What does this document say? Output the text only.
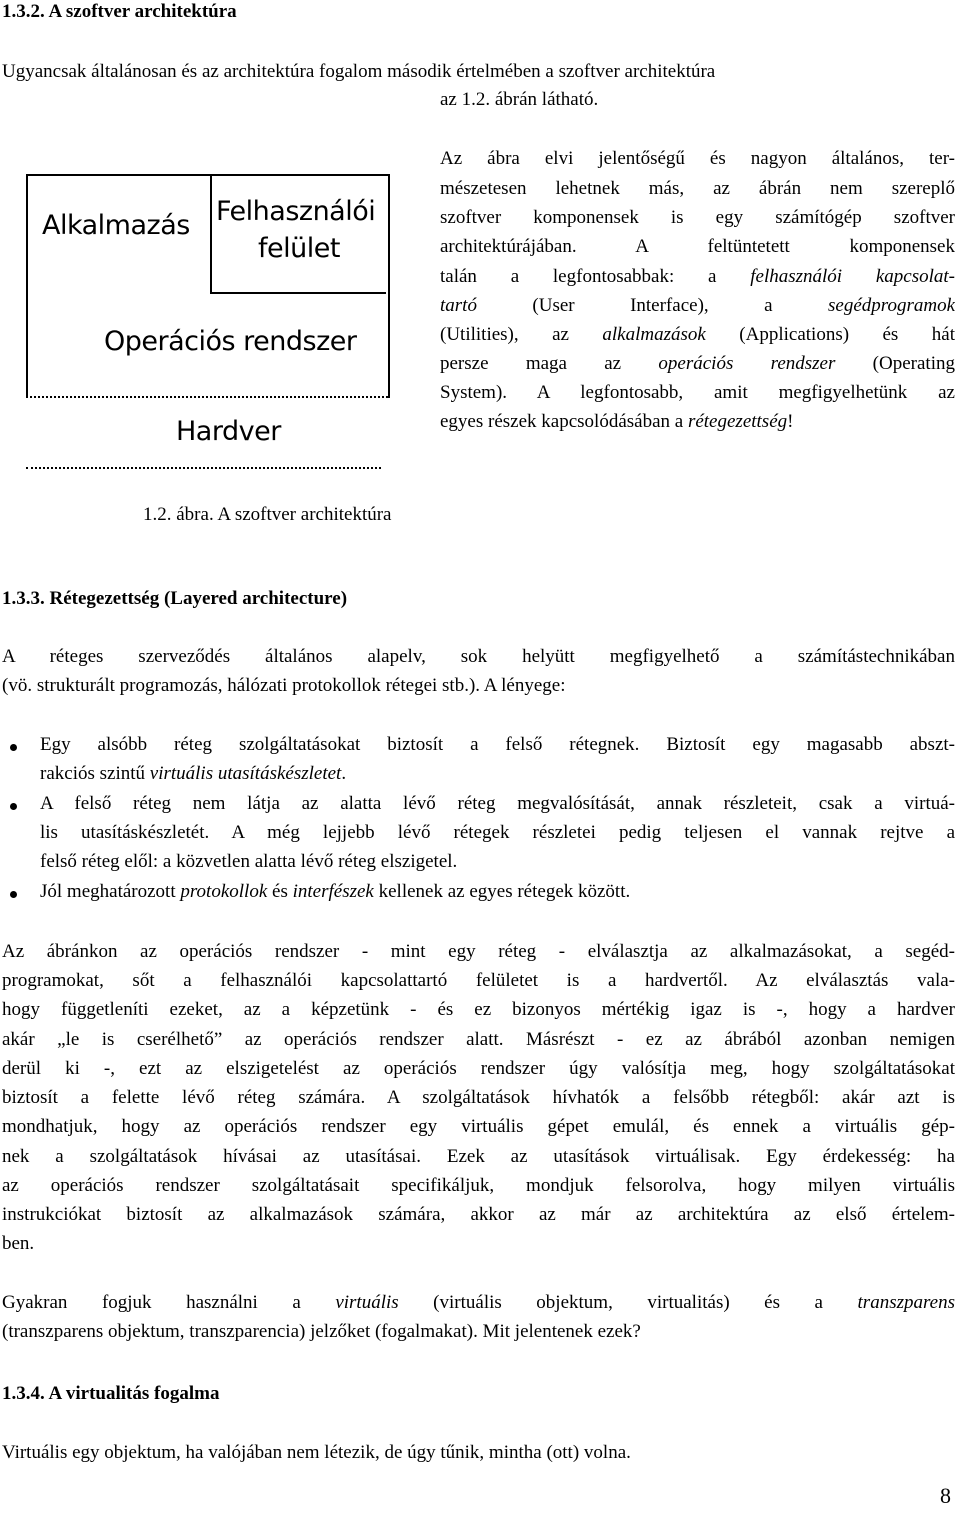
1.3.2. A szoftver architektúra
Ugyancsak általánosan és az architektúra fogalom második értelmében a szoftver architektúra
az 1.2. ábrán látható.
Alkalmazás Felhasználói
felület
Operációs rendszer
Hardver
Az ábra elvi jelentőségű és nagyon általános, ter-
mészetesen lehetnek más, az ábrán nem szereplő
szoftver komponensek is egy számítógép szoftver
architektúrájában. A feltüntetett komponensek
talán a legfontosabbak: a felhasználói kapcsolat-
tartó (User Interface), a segédprogramok
(Utilities), az alkalmazások (Applications) és hát
persze maga az operációs rendszer (Operating
System). A legfontosabb, amit megfigyelhetünk az
egyes részek kapcsolódásában a rétegezettség!
1.2. ábra. A szoftver architektúra
1.3.3. Rétegezettség (Layered architecture)
A réteges szerveződés általános alapelv, sok helyütt megfigyelhető a számítástechnikában
(vö. strukturált programozás, hálózati protokollok rétegei stb.). A lényege:
Egy alsóbb réteg szolgáltatásokat biztosít a felső rétegnek. Biztosít egy magasabb abszt-
rakciós szintű virtuális utasításkészletet.
A felső réteg nem látja az alatta lévő réteg megvalósítását, annak részleteit, csak a virtuá-
lis utasításkészletét. A még lejjebb lévő rétegek részletei pedig teljesen el vannak rejtve a
felső réteg elől: a közvetlen alatta lévő réteg elszigetel.
Jól meghatározott protokollok és interfészek kellenek az egyes rétegek között.
Az ábránkon az operációs rendszer - mint egy réteg - elválasztja az alkalmazásokat, a segéd-
programokat, sőt a felhasználói kapcsolattartó felületet is a hardvertől. Az elválasztás vala-
hogy függetleníti ezeket, az a képzetünk - és ez bizonyos mértékig igaz is -, hogy a hardver
akár „le is cserélhető” az operációs rendszer alatt. Másrészt - ez az ábrából azonban nemigen
derül ki -, ezt az elszigetelést az operációs rendszer úgy valósítja meg, hogy szolgáltatásokat
biztosít a felette lévő réteg számára. A szolgáltatások hívhatók a felsőbb rétegből: akár azt is
mondhatjuk, hogy az operációs rendszer egy virtuális gépet emulál, és ennek a virtuális gép-
nek a szolgáltatások hívásai az utasításai. Ezek az utasítások virtuálisak. Egy érdekesség: ha
az operációs rendszer szolgáltatásait specifikáljuk, mondjuk felsorolva, hogy milyen virtuális
instrukciókat biztosít az alkalmazások számára, akkor az már az architektúra az első értelem-
ben.
Gyakran fogjuk használni a virtuális (virtuális objektum, virtualitás) és a transzparens
(transzparens objektum, transzparencia) jelzőket (fogalmakat). Mit jelentenek ezek?
1.3.4. A virtualitás fogalma
Virtuális egy objektum, ha valójában nem létezik, de úgy tűnik, mintha (ott) volna.
8
